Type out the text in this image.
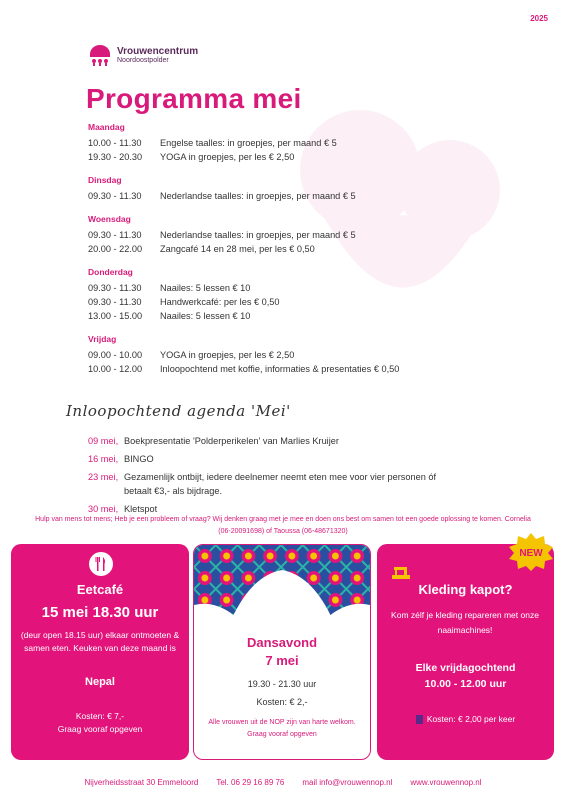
2025
Vrouwencentrum
Noordoostpolder
Programma mei
Maandag
10.00 - 11.30	Engelse taalles: in groepjes, per maand € 5
19.30 - 20.30	YOGA in groepjes, per les € 2,50
Dinsdag
09.30 - 11.30	Nederlandse taalles: in groepjes, per maand € 5
Woensdag
09.30 - 11.30	Nederlandse taalles: in groepjes, per maand € 5
20.00 - 22.00	Zangcafé 14 en 28 mei, per les € 0,50
Donderdag
09.30 - 11.30	Naailes: 5 lessen € 10
09.30 - 11.30	Handwerkcafé: per les € 0,50
13.00 - 15.00	Naailes: 5 lessen € 10
Vrijdag
09.00 - 10.00	YOGA in groepjes, per les € 2,50
10.00 - 12.00	Inloopochtend met koffie, informaties & presentaties € 0,50
Inloopochtend agenda 'Mei'
09 mei, Boekpresentatie 'Polderperikelen' van Marlies Kruijer
16 mei, BINGO
23 mei, Gezamenlijk ontbijt, iedere deelnemer neemt eten mee voor vier personen óf betaalt €3,- als bijdrage.
30 mei, Kletspot
Hulp van mens tot mens; Heb je een probleem of vraag? Wij denken graag met je mee en doen ons best om samen tot een goede oplossing te komen. Cornelia (06-20091698) of Taoussa (06-48671320)
Eetcafé
15 mei 18.30 uur
(deur open 18.15 uur) elkaar ontmoeten & samen eten. Keuken van deze maand is
Nepal
Kosten: € 7,-
Graag vooraf opgeven
Dansavond
7 mei
19.30 - 21.30 uur
Kosten: € 2,-
Alle vrouwen uit de NOP zijn van harte welkom.
Graag vooraf opgeven
Kleding kapot?
Kom zélf je kleding repareren met onze naaimachines!
Elke vrijdagochtend
10.00 - 12.00 uur
Kosten: € 2,00 per keer
NEW
Nijverheidsstraat 30 Emmeloord Tel. 06 29 16 89 76 mail info@vrouwennop.nl www.vrouwennop.nl
